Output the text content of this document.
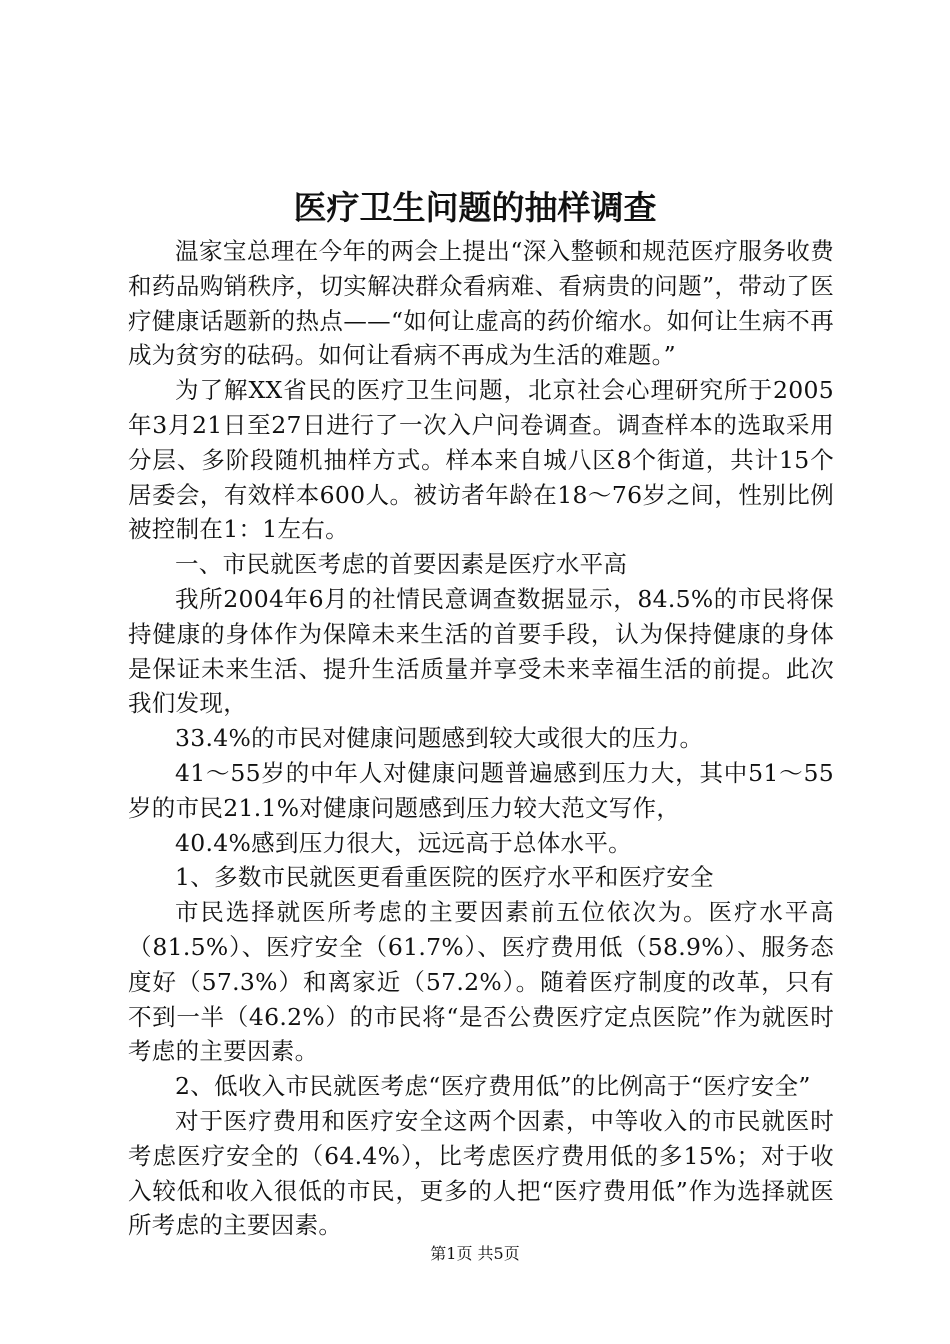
医疗卫生问题的抽样调查

温家宝总理在今年的两会上提出“深入整顿和规范医疗服务收费和药品购销秩序，切实解决群众看病难、看病贵的问题”，带动了医疗健康话题新的热点——“如何让虚高的药价缩水。如何让生病不再成为贫穷的砝码。如何让看病不再成为生活的难题。”

为了解XX省民的医疗卫生问题，北京社会心理研究所于2005年3月21日至27日进行了一次入户问卷调查。调查样本的选取采用分层、多阶段随机抽样方式。样本来自城八区8个街道，共计15个居委会，有效样本600人。被访者年龄在18～76岁之间，性别比例被控制在1：1左右。

一、市民就医考虑的首要因素是医疗水平高

我所2004年6月的社情民意调查数据显示，84.5%的市民将保持健康的身体作为保障未来生活的首要手段，认为保持健康的身体是保证未来生活、提升生活质量并享受未来幸福生活的前提。此次我们发现，

33.4%的市民对健康问题感到较大或很大的压力。

41～55岁的中年人对健康问题普遍感到压力大，其中51～55岁的市民21.1%对健康问题感到压力较大范文写作，

40.4%感到压力很大，远远高于总体水平。

1、多数市民就医更看重医院的医疗水平和医疗安全

市民选择就医所考虑的主要因素前五位依次为。医疗水平高（81.5%）、医疗安全（61.7%）、医疗费用低（58.9%）、服务态度好（57.3%）和离家近（57.2%）。随着医疗制度的改革，只有不到一半（46.2%）的市民将“是否公费医疗定点医院”作为就医时考虑的主要因素。

2、低收入市民就医考虑“医疗费用低”的比例高于“医疗安全”

对于医疗费用和医疗安全这两个因素，中等收入的市民就医时考虑医疗安全的（64.4%），比考虑医疗费用低的多15%；对于收入较低和收入很低的市民，更多的人把“医疗费用低”作为选择就医所考虑的主要因素。

第1页 共5页
